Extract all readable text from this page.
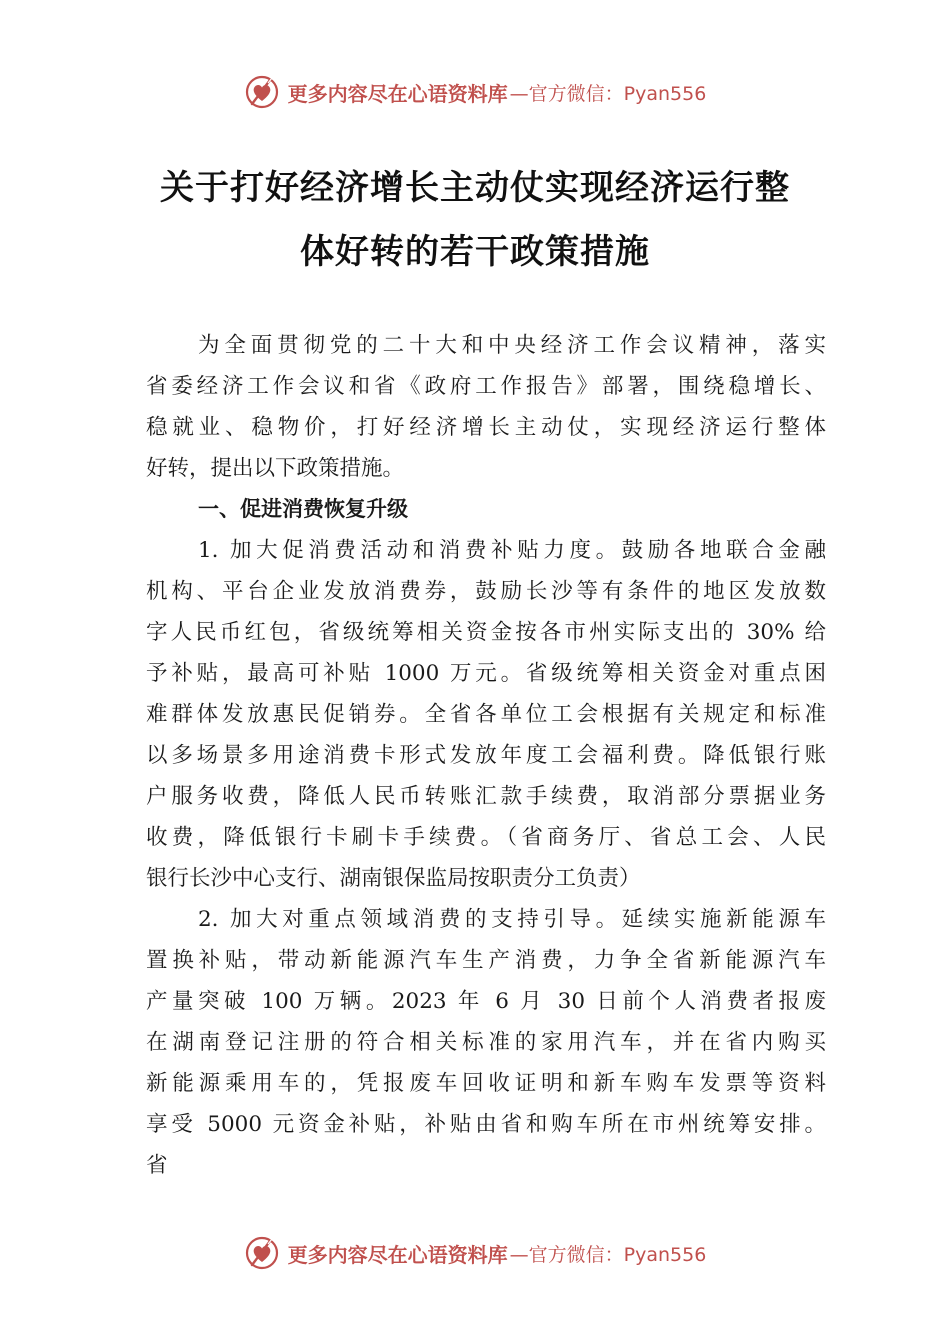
更多内容尽在心语资料库 —官方微信：Pyan556
关于打好经济增长主动仗实现经济运行整
体好转的若干政策措施
为全面贯彻党的二十大和中央经济工作会议精神，落实
省委经济工作会议和省《政府工作报告》部署，围绕稳增长、
稳就业、稳物价，打好经济增长主动仗，实现经济运行整体
好转，提出以下政策措施。
一、促进消费恢复升级
1. 加大促消费活动和消费补贴力度。鼓励各地联合金融
机构、平台企业发放消费券，鼓励长沙等有条件的地区发放数
字人民币红包，省级统筹相关资金按各市州实际支出的 30% 给
予补贴，最高可补贴 1000 万元。省级统筹相关资金对重点困
难群体发放惠民促销券。全省各单位工会根据有关规定和标准
以多场景多用途消费卡形式发放年度工会福利费。降低银行账
户服务收费，降低人民币转账汇款手续费，取消部分票据业务
收费，降低银行卡刷卡手续费。（省商务厅、省总工会、人民
银行长沙中心支行、湖南银保监局按职责分工负责）
2. 加大对重点领域消费的支持引导。延续实施新能源车
置换补贴，带动新能源汽车生产消费，力争全省新能源汽车
产量突破 100 万辆。2023 年 6 月 30 日前个人消费者报废
在湖南登记注册的符合相关标准的家用汽车，并在省内购买
新能源乘用车的，凭报废车回收证明和新车购车发票等资料
享受 5000 元资金补贴，补贴由省和购车所在市州统筹安排。
省
更多内容尽在心语资料库 —官方微信：Pyan556
